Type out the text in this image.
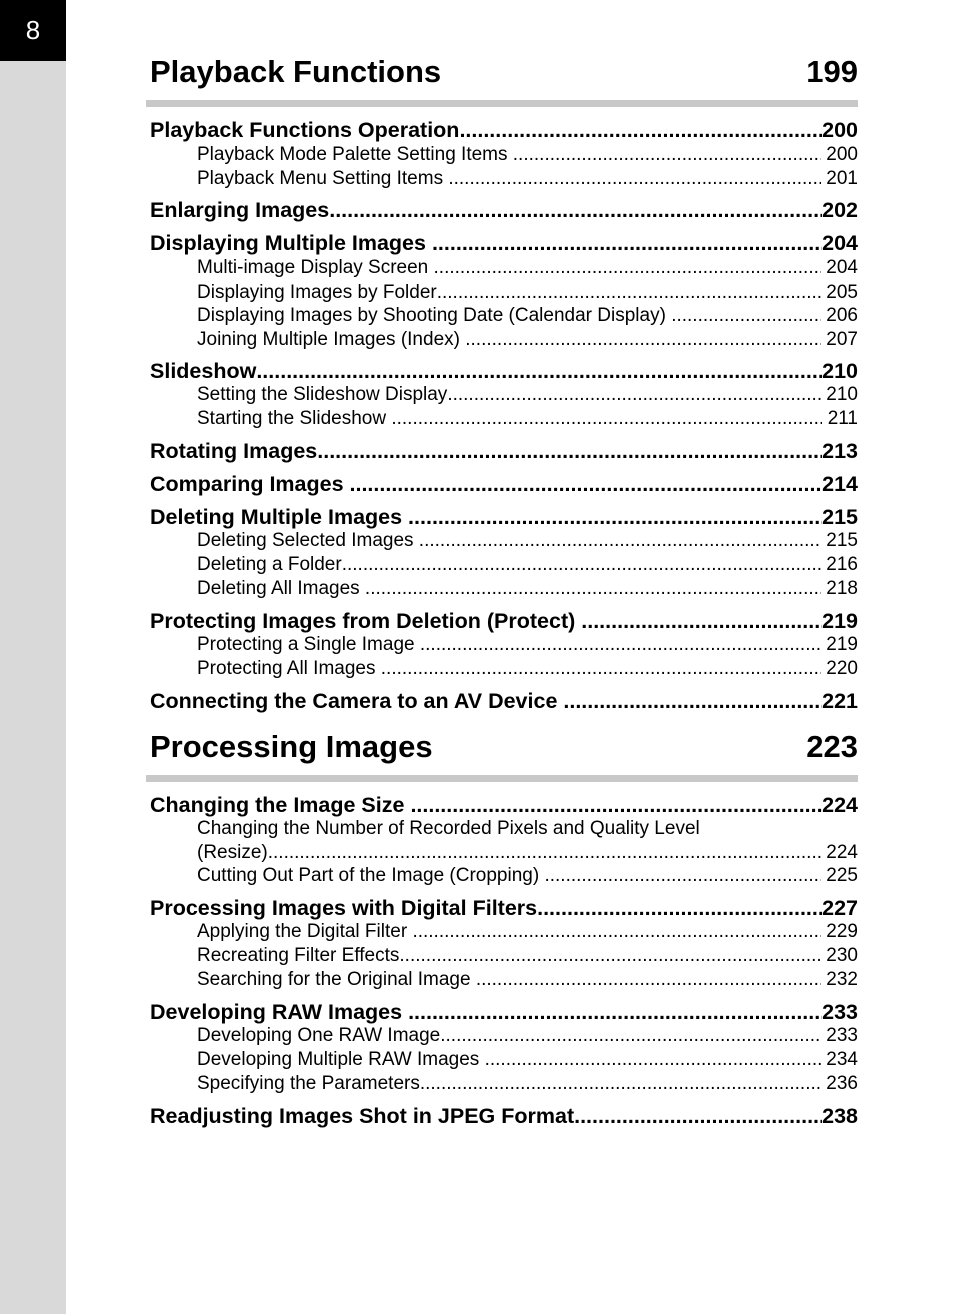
8
Playback Functions	199
Processing Images	223
Playback Functions Operation .....	200
Playback Mode Palette Setting Items .....	200
Playback Menu Setting Items .....	201
Enlarging Images .....	202
Displaying Multiple Images .....	204
Multi-image Display Screen .....	204
Displaying Images by Folder .....	205
Displaying Images by Shooting Date (Calendar Display) .....	206
Joining Multiple Images (Index) .....	207
Slideshow .....	210
Setting the Slideshow Display .....	210
Starting the Slideshow .....	211
Rotating Images .....	213
Comparing Images .....	214
Deleting Multiple Images .....	215
Deleting Selected Images .....	215
Deleting a Folder .....	216
Deleting All Images .....	218
Protecting Images from Deletion (Protect) .....	219
Protecting a Single Image .....	219
Protecting All Images .....	220
Connecting the Camera to an AV Device .....	221
Changing the Image Size .....	224
Changing the Number of Recorded Pixels and Quality Level
(Resize) .....	224
Cutting Out Part of the Image (Cropping) .....	225
Processing Images with Digital Filters .....	227
Applying the Digital Filter .....	229
Recreating Filter Effects .....	230
Searching for the Original Image .....	232
Developing RAW Images .....	233
Developing One RAW Image .....	233
Developing Multiple RAW Images .....	234
Specifying the Parameters .....	236
Readjusting Images Shot in JPEG Format .....	238
